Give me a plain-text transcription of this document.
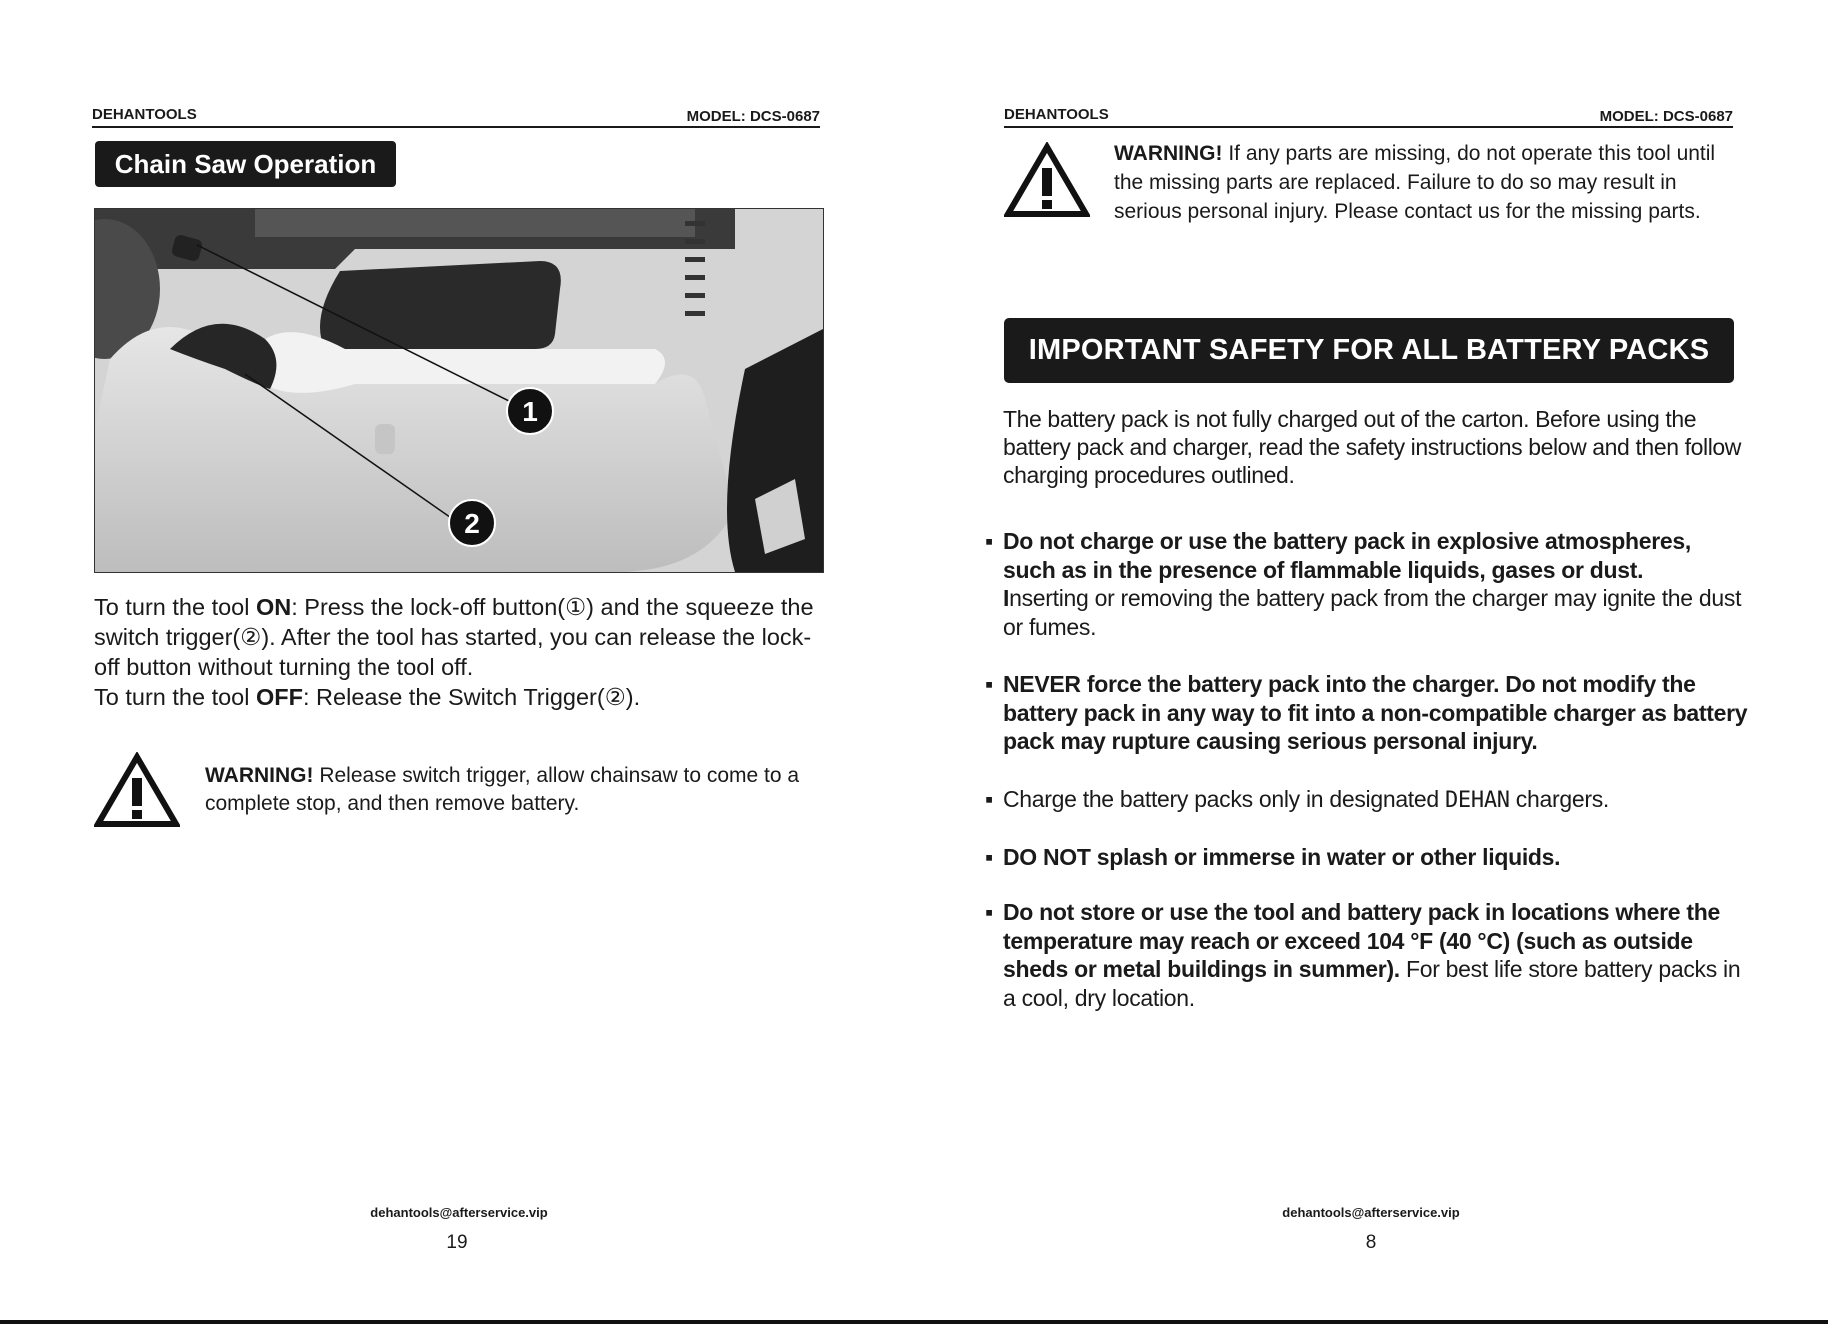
DEHANTOOLS	MODEL: DCS-0687
Chain Saw Operation
1
2

To turn the tool ON: Press the lock-off button(①) and the squeeze the switch trigger(②). After the tool has started, you can release the lock-off button without turning the tool off.

To turn the tool OFF: Release the Switch Trigger(②).

WARNING! Release switch trigger, allow chainsaw to come to a complete stop, and then remove battery.
dehantools@afterservice.vip
19
DEHANTOOLS	MODEL: DCS-0687
WARNING! If any parts are missing, do not operate this tool until the missing parts are replaced. Failure to do so may result in serious personal injury. Please contact us for the missing parts.
IMPORTANT SAFETY FOR ALL BATTERY PACKS
The battery pack is not fully charged out of the carton. Before using the battery pack and charger, read the safety instructions below and then follow charging procedures outlined.
▪ Do not charge or use the battery pack in explosive atmospheres, such as in the presence of flammable liquids, gases or dust.
Inserting or removing the battery pack from the charger may ignite the dust or fumes.
▪ NEVER force the battery pack into the charger. Do not modify the battery pack in any way to fit into a non-compatible charger as battery pack may rupture causing serious personal injury.
▪ Charge the battery packs only in designated DEHAN chargers.
▪ DO NOT splash or immerse in water or other liquids.
▪ Do not store or use the tool and battery pack in locations where the temperature may reach or exceed 104 °F (40 °C) (such as outside sheds or metal buildings in summer). For best life store battery packs in a cool, dry location.
dehantools@afterservice.vip
8
